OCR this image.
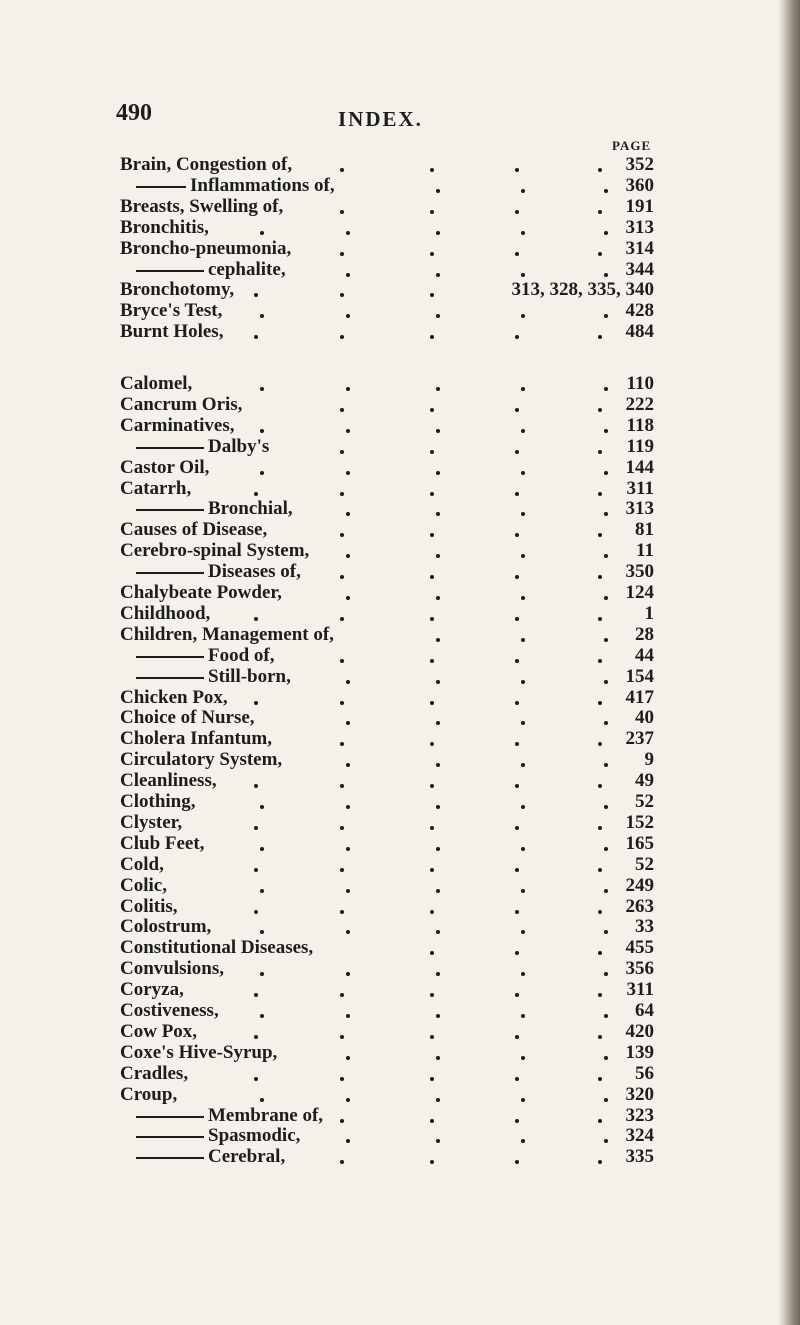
490	INDEX.
PAGE
Brain, Congestion of,	352
Inflammations of,	360
Breasts, Swelling of,	191
Bronchitis,	313
Broncho-pneumonia,	314
cephalite,	344
Bronchotomy,	313, 328, 335, 340
Bryce's Test,	428
Burnt Holes,	484
Calomel,	110
Cancrum Oris,	222
Carminatives,	118
Dalby's	119
Castor Oil,	144
Catarrh,	311
Bronchial,	313
Causes of Disease,	81
Cerebro-spinal System,	11
Diseases of,	350
Chalybeate Powder,	124
Childhood,	1
Children, Management of,	28
Food of,	44
Still-born,	154
Chicken Pox,	417
Choice of Nurse,	40
Cholera Infantum,	237
Circulatory System,	9
Cleanliness,	49
Clothing,	52
Clyster,	152
Club Feet,	165
Cold,	52
Colic,	249
Colitis,	263
Colostrum,	33
Constitutional Diseases,	455
Convulsions,	356
Coryza,	311
Costiveness,	64
Cow Pox,	420
Coxe's Hive-Syrup,	139
Cradles,	56
Croup,	320
Membrane of,	323
Spasmodic,	324
Cerebral,	335
